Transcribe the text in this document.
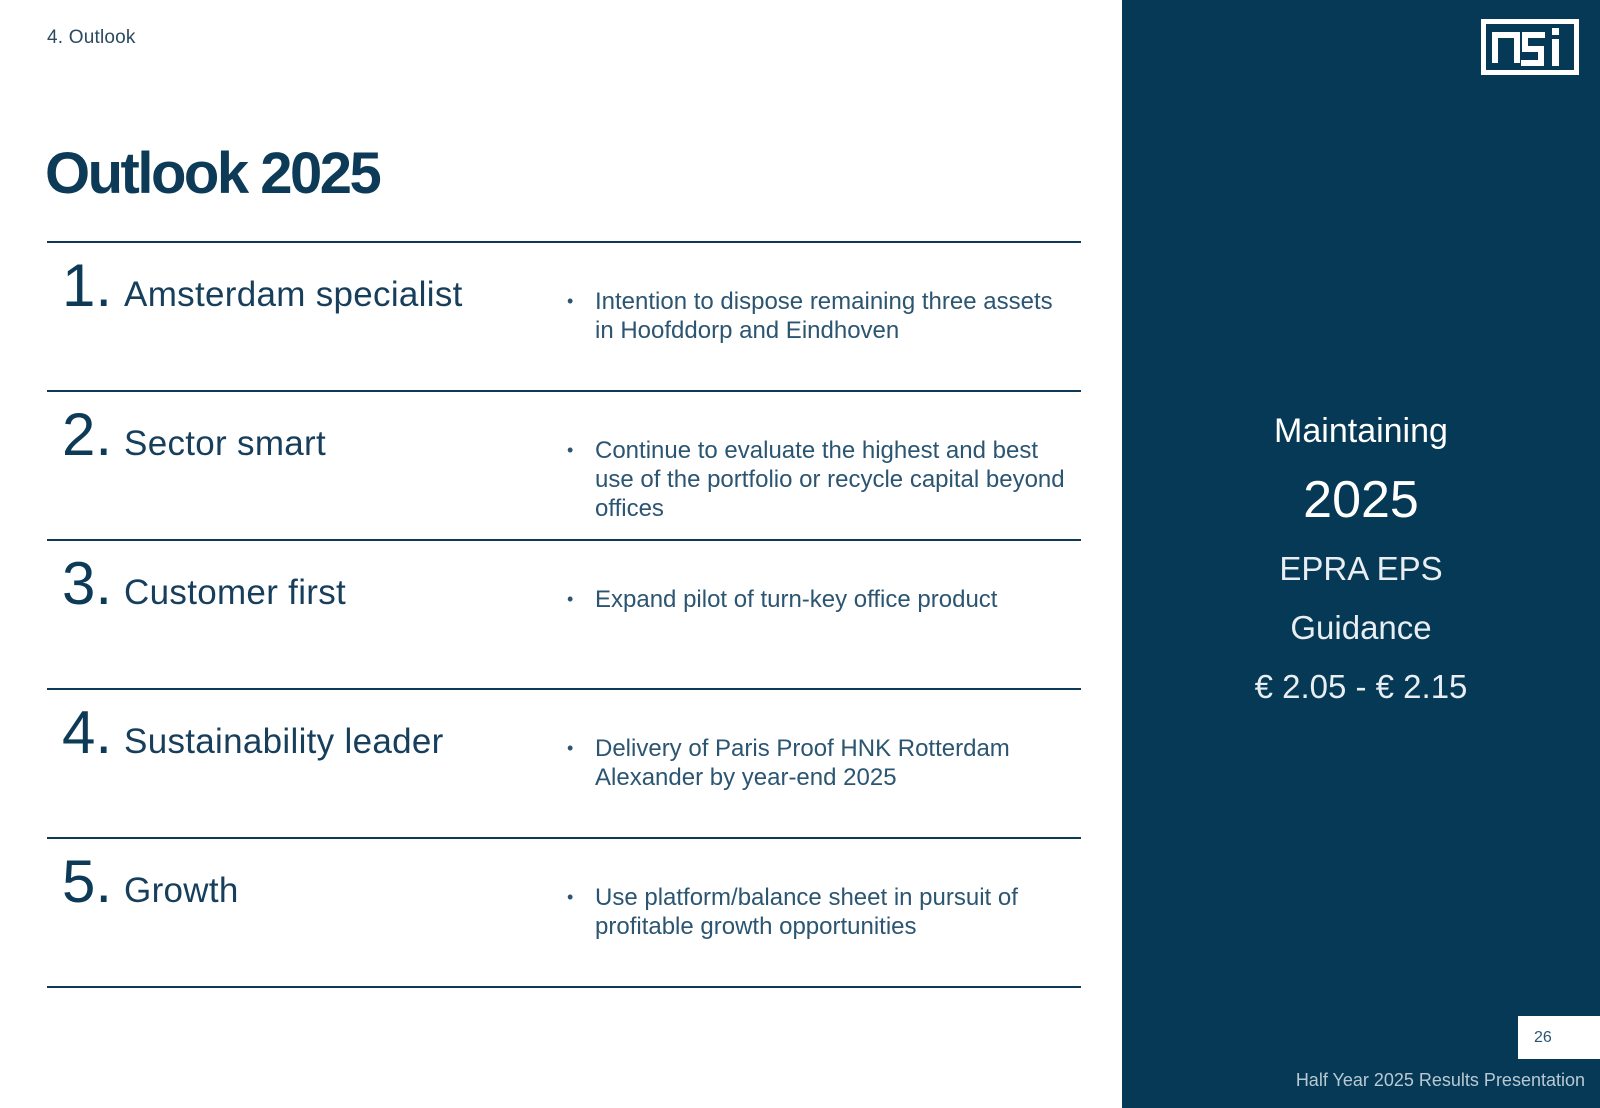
4. Outlook
Outlook 2025
1. Amsterdam specialist	• Intention to dispose remaining three assets in Hoofddorp and Eindhoven
2. Sector smart	• Continue to evaluate the highest and best use of the portfolio or recycle capital beyond offices
3. Customer first	• Expand pilot of turn-key office product
4. Sustainability leader	• Delivery of Paris Proof HNK Rotterdam Alexander by year-end 2025
5. Growth	• Use platform/balance sheet in pursuit of profitable growth opportunities
Maintaining
2025
EPRA EPS
Guidance
€ 2.05 - € 2.15
26
Half Year 2025 Results Presentation
